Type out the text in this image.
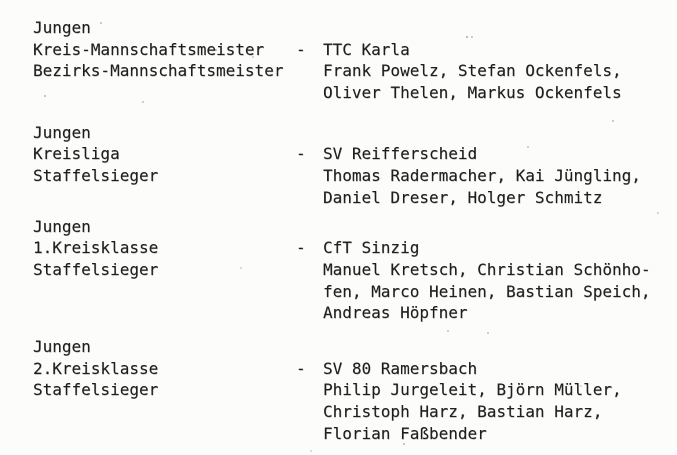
Jungen
Kreis-Mannschaftsmeister	-	TTC Karla
Bezirks-Mannschaftsmeister	Frank Powelz, Stefan Ockenfels,
Oliver Thelen, Markus Ockenfels
Jungen
Kreisliga	-	SV Reifferscheid
Staffelsieger	Thomas Radermacher, Kai Jüngling,
Daniel Dreser, Holger Schmitz
Jungen
1.Kreisklasse	-	CfT Sinzig
Staffelsieger	Manuel Kretsch, Christian Schönho-
fen, Marco Heinen, Bastian Speich,
Andreas Höpfner
Jungen
2.Kreisklasse	-	SV 80 Ramersbach
Staffelsieger	Philip Jurgeleit, Björn Müller,
Christoph Harz, Bastian Harz,
Florian Faßbender
